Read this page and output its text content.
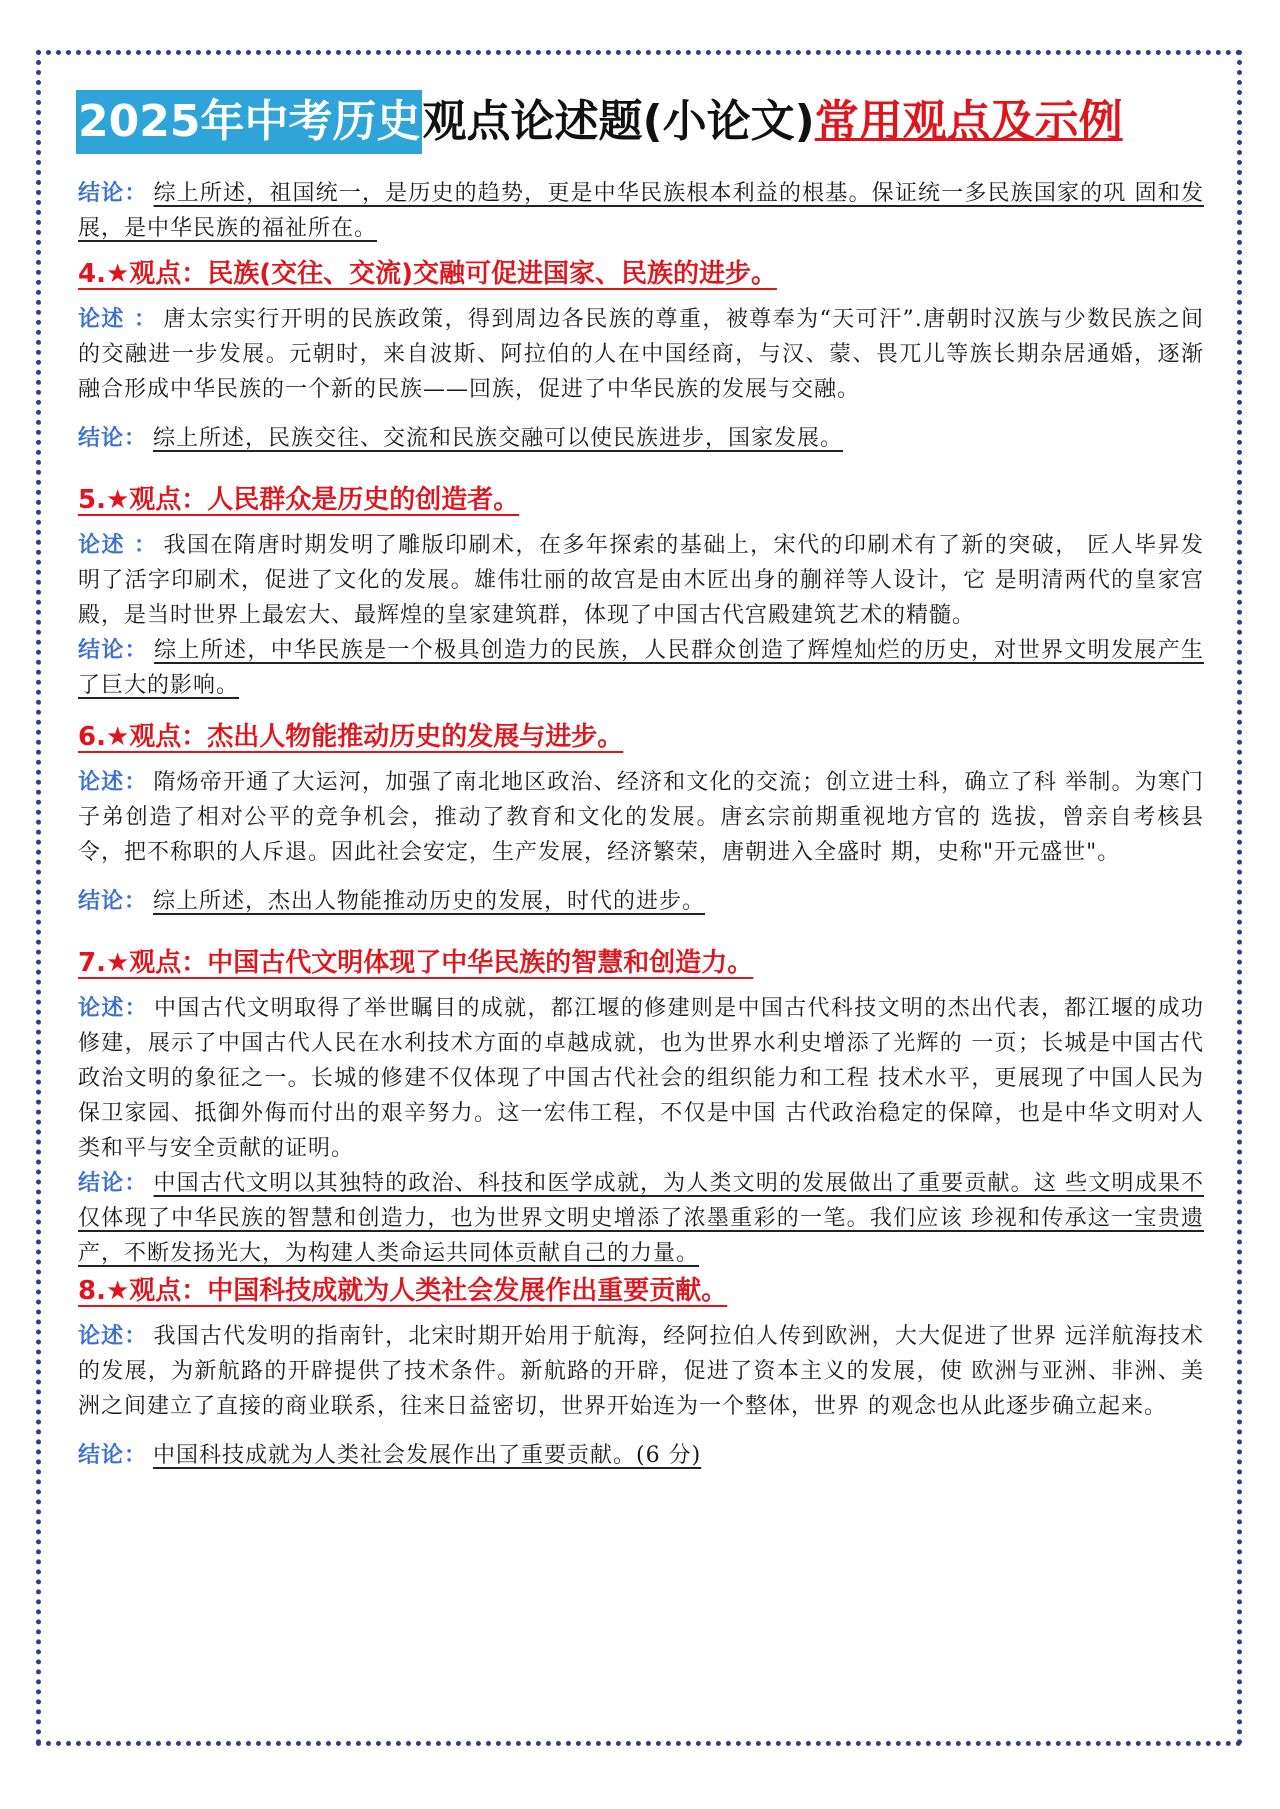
2025年中考历史观点论述题(小论文)常用观点及示例
结论： 综上所述，祖国统一，是历史的趋势，更是中华民族根本利益的根基。保证统一多民族国家的巩 固和发展，是中华民族的福祉所在。
4.★观点：民族(交往、交流)交融可促进国家、民族的进步。
论述 ： 唐太宗实行开明的民族政策，得到周边各民族的尊重，被尊奉为“天可汗”.唐朝时汉族与少数民族之间的交融进一步发展。元朝时，来自波斯、阿拉伯的人在中国经商，与汉、蒙、畏兀儿等族长期杂居通婚，逐渐融合形成中华民族的一个新的民族——回族，促进了中华民族的发展与交融。
结论： 综上所述，民族交往、交流和民族交融可以使民族进步，国家发展。
5.★观点：人民群众是历史的创造者。
论述 ： 我国在隋唐时期发明了雕版印刷术，在多年探索的基础上，宋代的印刷术有了新的突破， 匠人毕昇发明了活字印刷术，促进了文化的发展。雄伟壮丽的故宫是由木匠出身的蒯祥等人设计，它 是明清两代的皇家宫殿，是当时世界上最宏大、最辉煌的皇家建筑群，体现了中国古代宫殿建筑艺术的精髓。
结论： 综上所述，中华民族是一个极具创造力的民族，人民群众创造了辉煌灿烂的历史，对世界文明发展产生了巨大的影响。
6.★观点：杰出人物能推动历史的发展与进步。
论述： 隋炀帝开通了大运河，加强了南北地区政治、经济和文化的交流；创立进士科，确立了科 举制。为寒门子弟创造了相对公平的竞争机会，推动了教育和文化的发展。唐玄宗前期重视地方官的 选拔，曾亲自考核县令，把不称职的人斥退。因此社会安定，生产发展，经济繁荣，唐朝进入全盛时 期，史称"开元盛世"。
结论： 综上所述，杰出人物能推动历史的发展，时代的进步。
7.★观点：中国古代文明体现了中华民族的智慧和创造力。
论述： 中国古代文明取得了举世瞩目的成就，都江堰的修建则是中国古代科技文明的杰出代表，都江堰的成功修建，展示了中国古代人民在水利技术方面的卓越成就，也为世界水利史增添了光辉的 一页；长城是中国古代政治文明的象征之一。长城的修建不仅体现了中国古代社会的组织能力和工程 技术水平，更展现了中国人民为保卫家园、抵御外侮而付出的艰辛努力。这一宏伟工程，不仅是中国 古代政治稳定的保障，也是中华文明对人类和平与安全贡献的证明。
结论： 中国古代文明以其独特的政治、科技和医学成就，为人类文明的发展做出了重要贡献。这 些文明成果不仅体现了中华民族的智慧和创造力，也为世界文明史增添了浓墨重彩的一笔。我们应该 珍视和传承这一宝贵遗产，不断发扬光大，为构建人类命运共同体贡献自己的力量。
8.★观点：中国科技成就为人类社会发展作出重要贡献。
论述： 我国古代发明的指南针，北宋时期开始用于航海，经阿拉伯人传到欧洲，大大促进了世界 远洋航海技术的发展，为新航路的开辟提供了技术条件。新航路的开辟，促进了资本主义的发展，使 欧洲与亚洲、非洲、美洲之间建立了直接的商业联系，往来日益密切，世界开始连为一个整体，世界 的观念也从此逐步确立起来。
结论： 中国科技成就为人类社会发展作出了重要贡献。(6 分)
